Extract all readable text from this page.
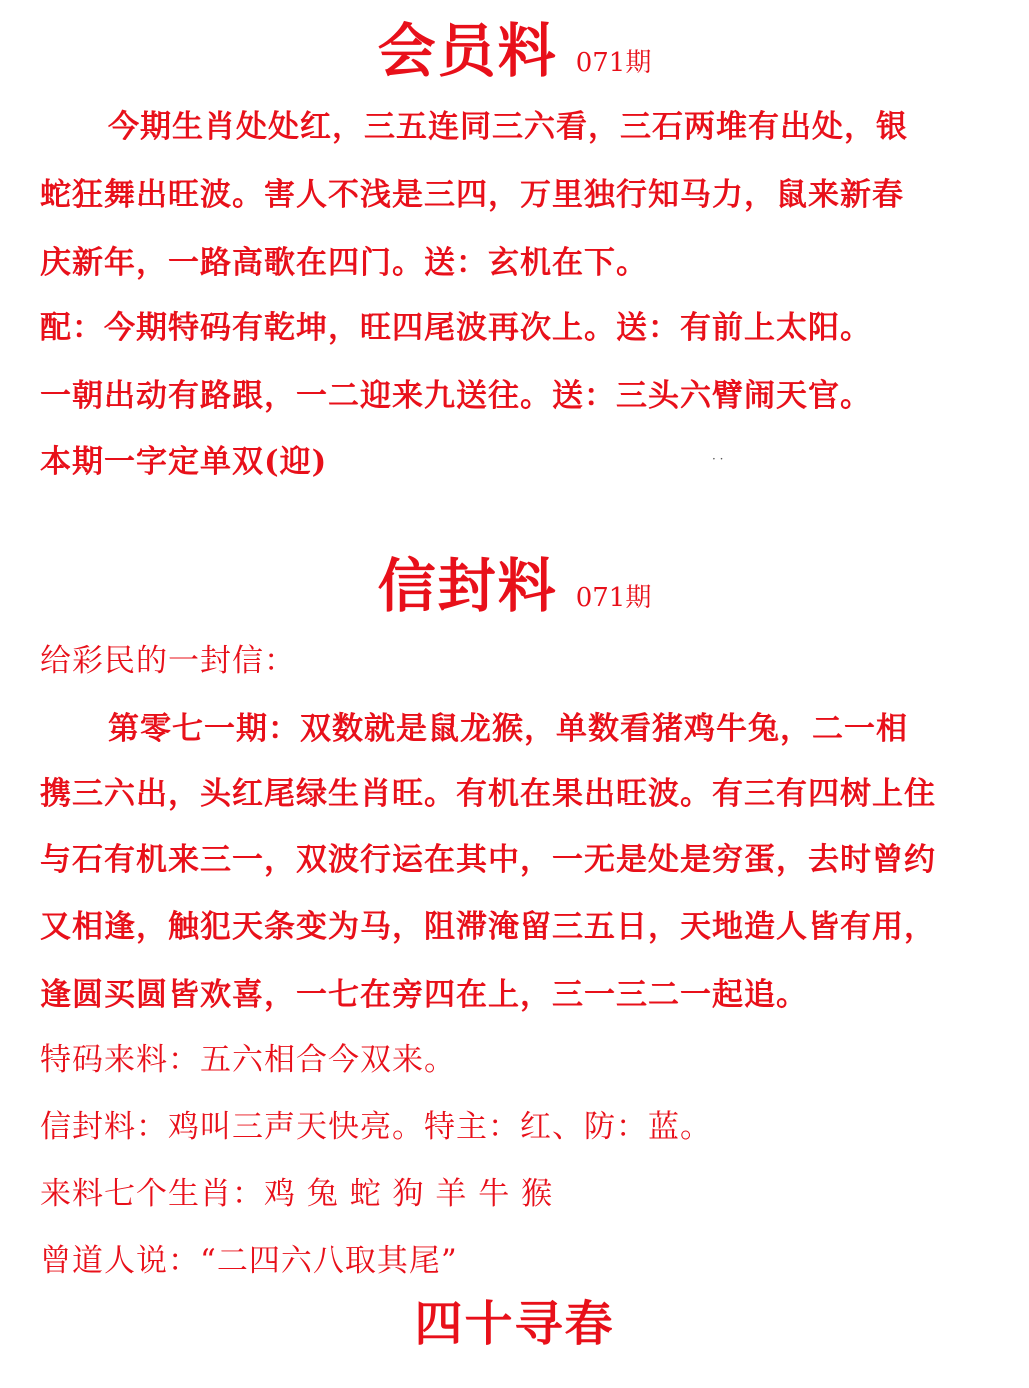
会员料 071期
今期生肖处处红，三五连同三六看，三石两堆有出处，银
蛇狂舞出旺波。害人不浅是三四，万里独行知马力，鼠来新春
庆新年，一路高歌在四门。送：玄机在下。
配：今期特码有乾坤，旺四尾波再次上。送：有前上太阳。
一朝出动有路跟，一二迎来九送往。送：三头六臂闹天官。
本期一字定单双(迎)	· ·
信封料 071期
给彩民的一封信：
第零七一期：双数就是鼠龙猴，单数看猪鸡牛兔，二一相
携三六出，头红尾绿生肖旺。有机在果出旺波。有三有四树上住
与石有机来三一，双波行运在其中，一无是处是穷蛋，去时曾约
又相逢，触犯天条变为马，阻滞淹留三五日，天地造人皆有用，
逢圆买圆皆欢喜，一七在旁四在上，三一三二一起追。
特码来料：五六相合今双来。
信封料：鸡叫三声天快亮。特主：红、防：蓝。
来料七个生肖：鸡 兔 蛇 狗 羊 牛 猴
曾道人说：“二四六八取其尾”
四十寻春
